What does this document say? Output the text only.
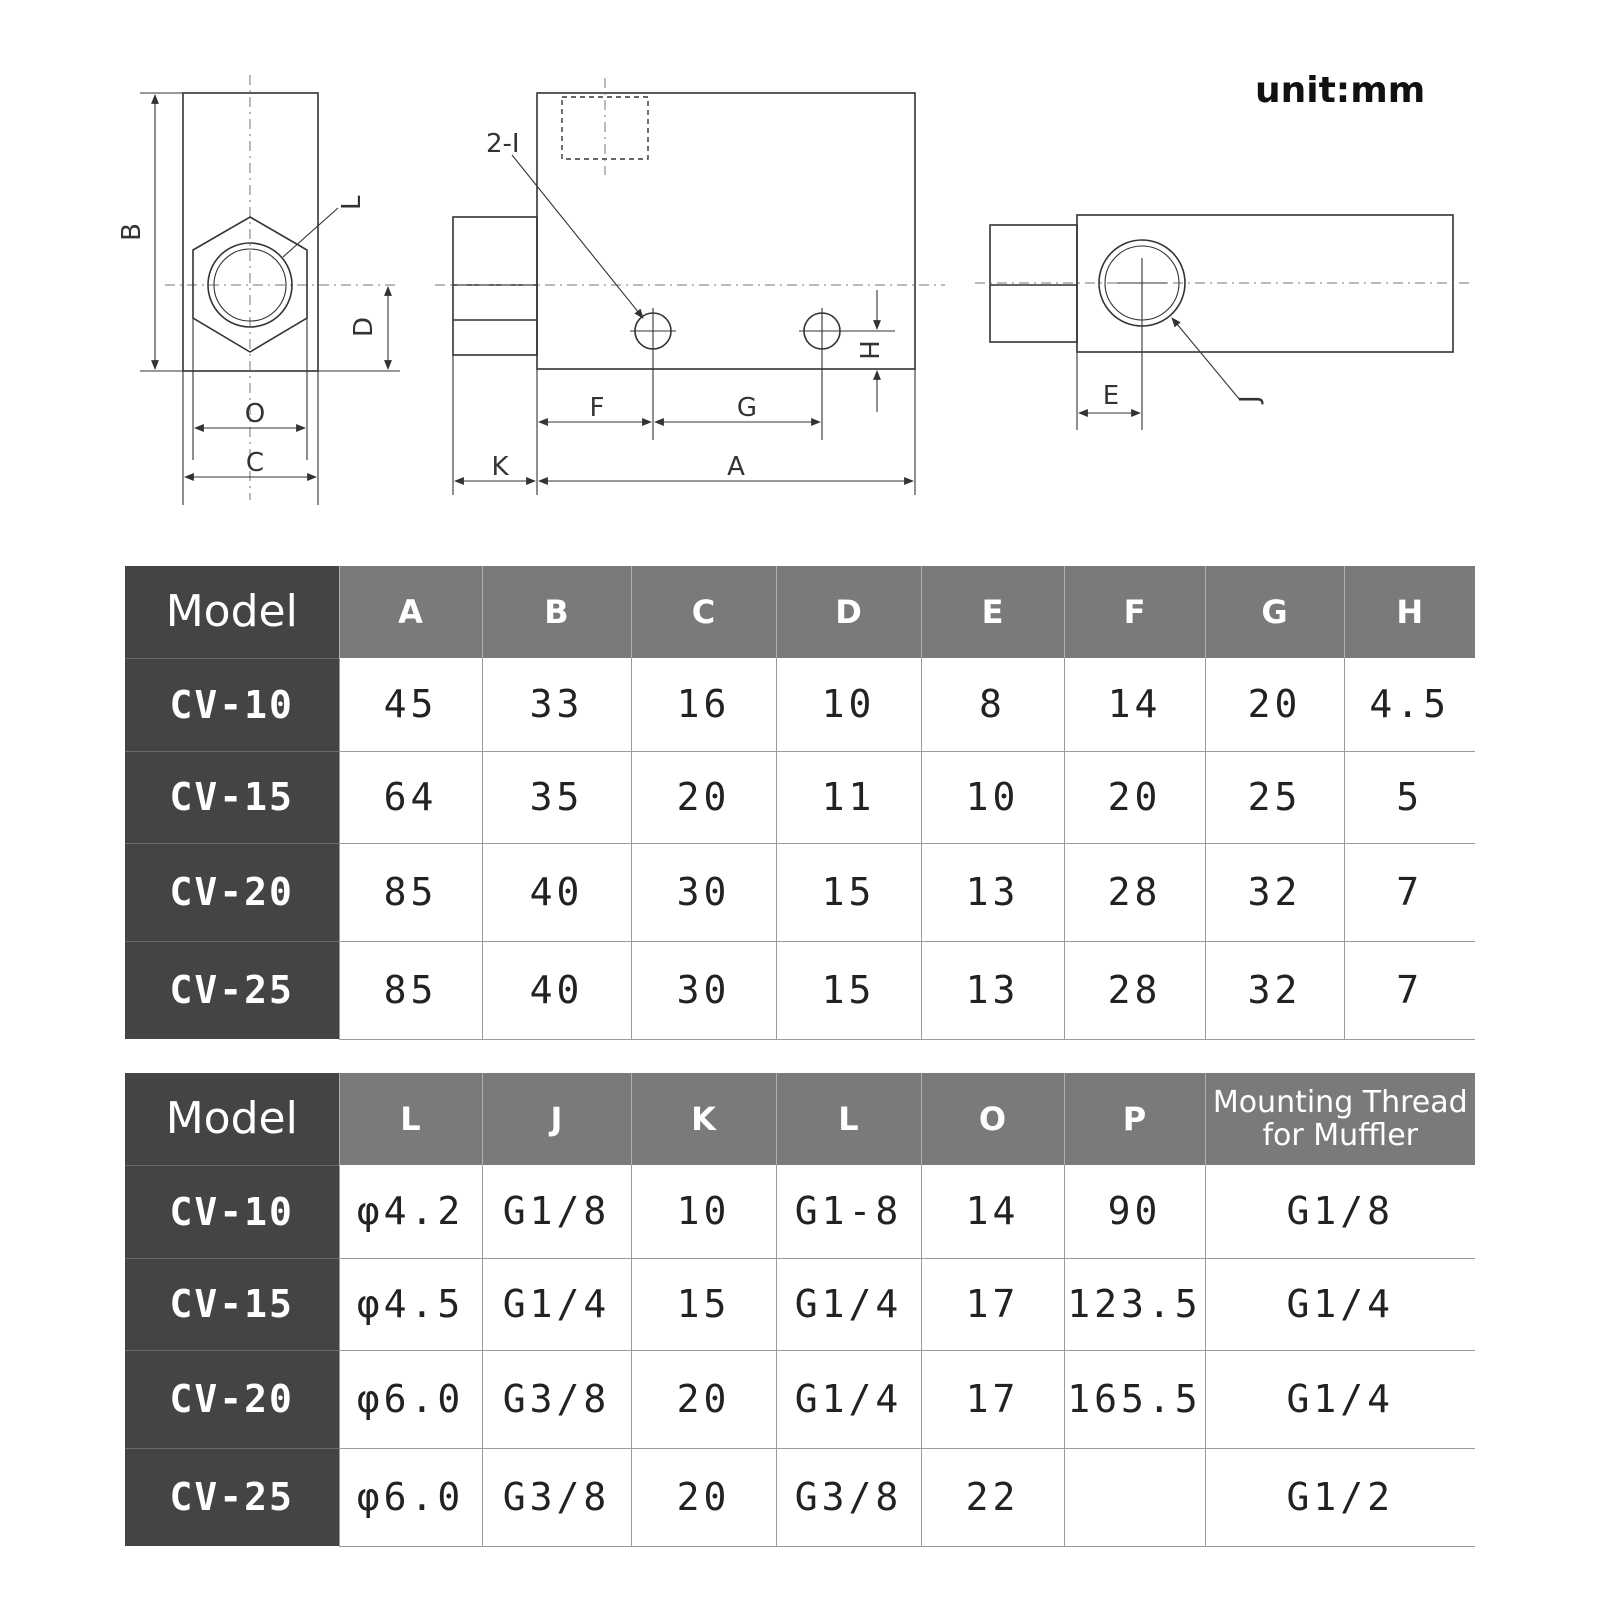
L
B
D
O
C
2-I
H
F	G
K	A
J
E
unit:mm
Model	A	B	C	D	E	F	G	H
CV-10	45	33	16	10	8	14	20	4.5
CV-15	64	35	20	11	10	20	25	5
CV-20	85	40	30	15	13	28	32	7
CV-25	85	40	30	15	13	28	32	7
Model	L	J	K	L	O	P	Mounting Thread for Muffler
CV-10	φ4.2	G1/8	10	G1-8	14	90	G1/8
CV-15	φ4.5	G1/4	15	G1/4	17	123.5	G1/4
CV-20	φ6.0	G3/8	20	G1/4	17	165.5	G1/4
CV-25	φ6.0	G3/8	20	G3/8	22		G1/2
